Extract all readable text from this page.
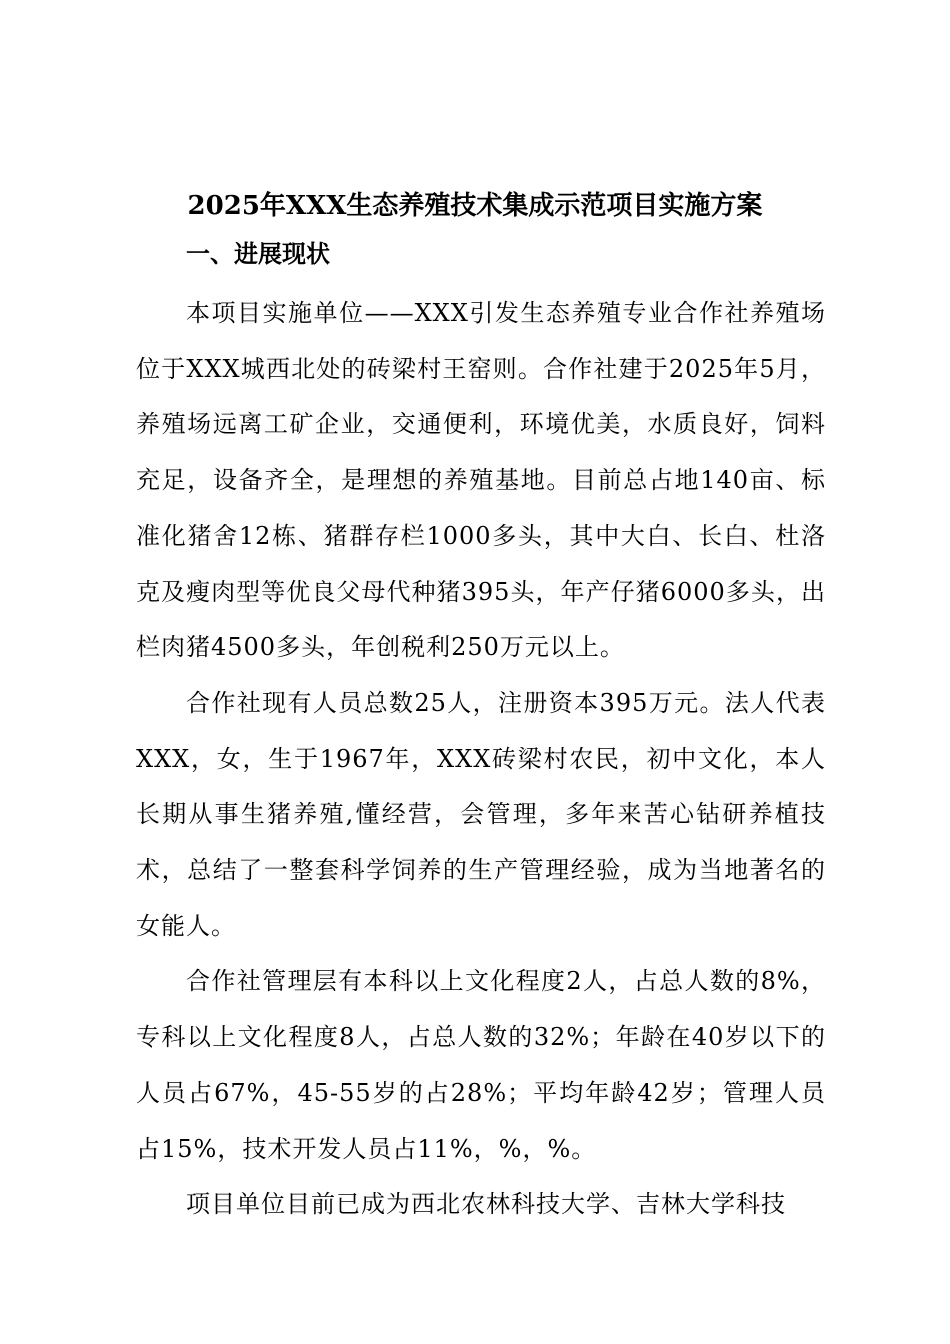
2025年XXX生态养殖技术集成示范项目实施方案
一、进展现状

本项目实施单位——XXX引发生态养殖专业合作社养殖场位于XXX城西北处的砖梁村王窑则。合作社建于2025年5月，养殖场远离工矿企业，交通便利，环境优美，水质良好，饲料充足，设备齐全，是理想的养殖基地。目前总占地140亩、标准化猪舍12栋、猪群存栏1000多头，其中大白、长白、杜洛克及瘦肉型等优良父母代种猪395头，年产仔猪6000多头，出栏肉猪4500多头，年创税利250万元以上。

合作社现有人员总数25人，注册资本395万元。法人代表XXX，女，生于1967年，XXX砖梁村农民，初中文化，本人长期从事生猪养殖,懂经营，会管理，多年来苦心钻研养植技术，总结了一整套科学饲养的生产管理经验，成为当地著名的女能人。

合作社管理层有本科以上文化程度2人，占总人数的8%，专科以上文化程度8人，占总人数的32%；年龄在40岁以下的人员占67%，45-55岁的占28%；平均年龄42岁；管理人员占15%，技术开发人员占11%，%，%。

项目单位目前已成为西北农林科技大学、吉林大学科技
